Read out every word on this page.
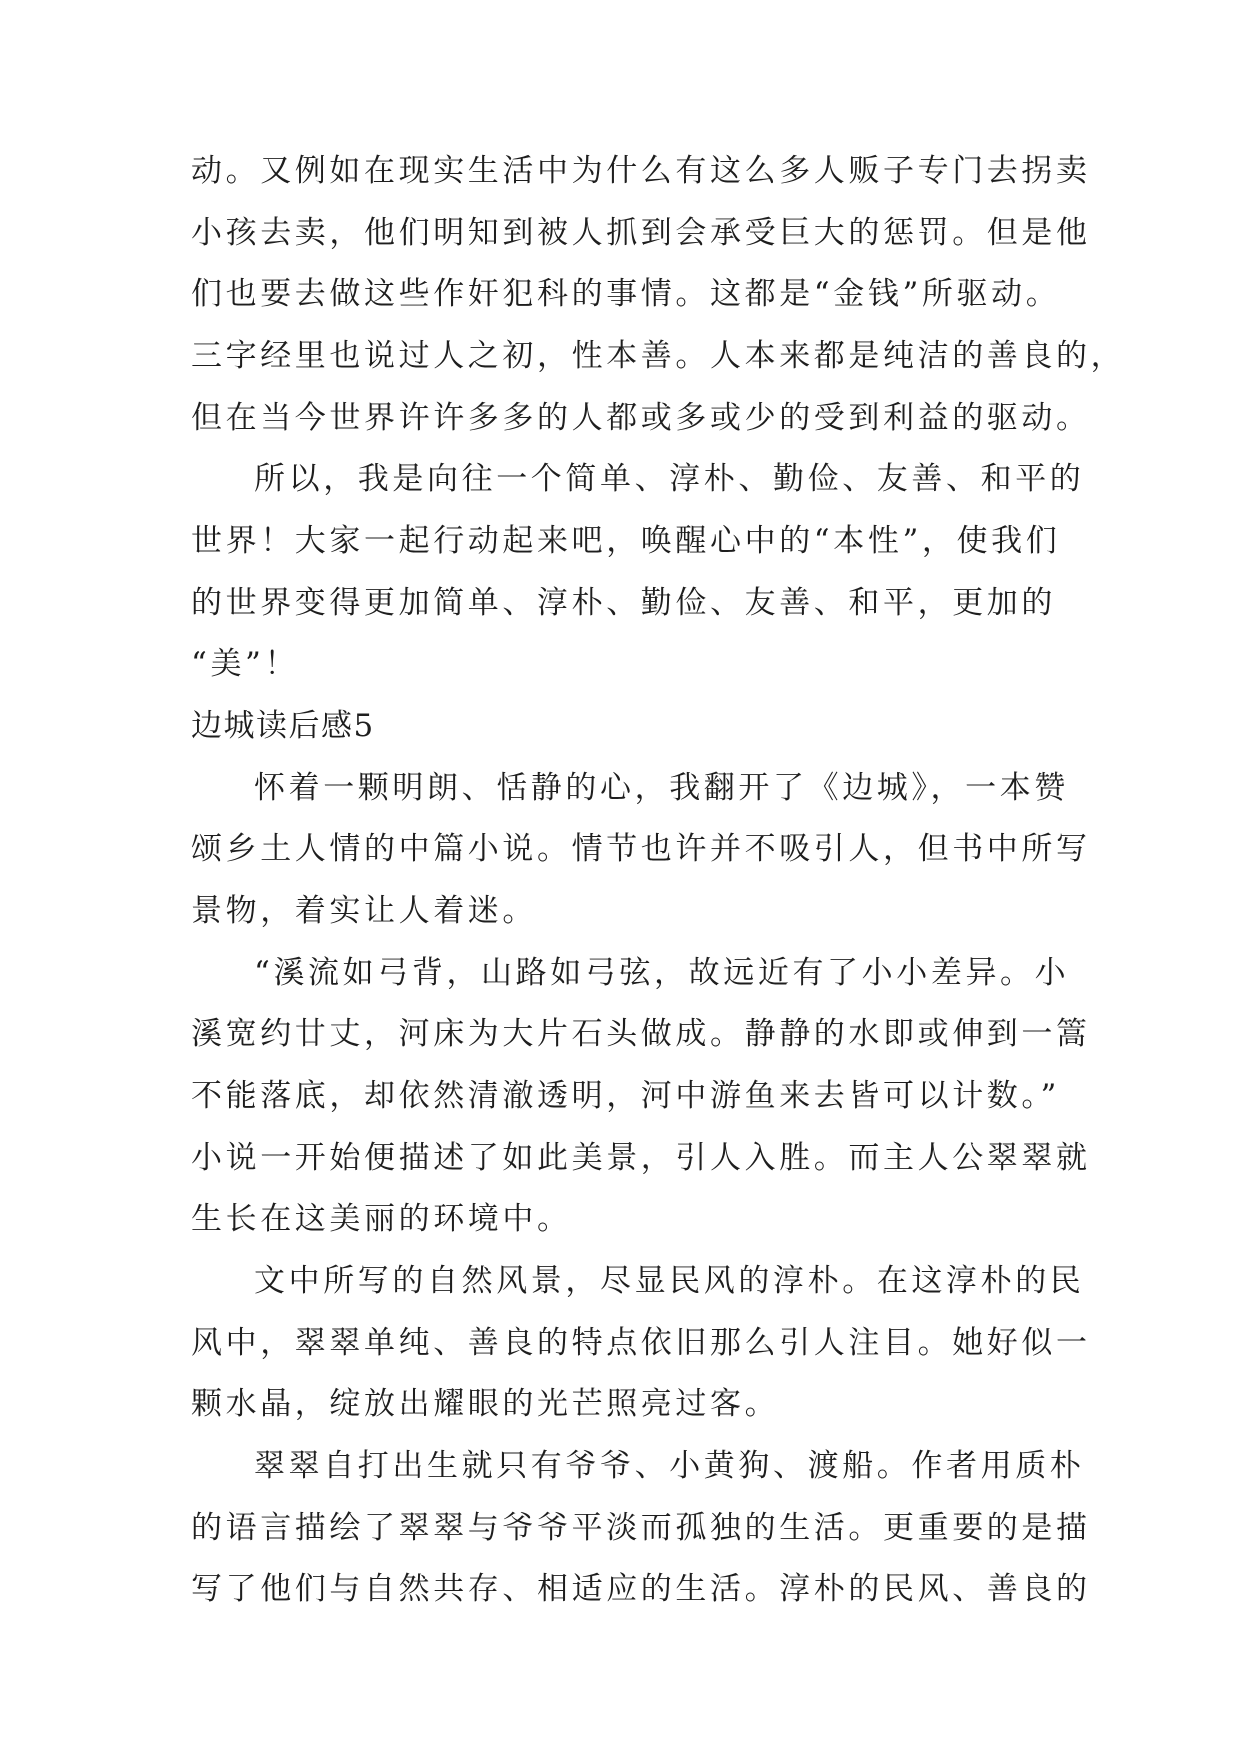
动。又例如在现实生活中为什么有这么多人贩子专门去拐卖
小孩去卖，他们明知到被人抓到会承受巨大的惩罚。但是他
们也要去做这些作奸犯科的事情。这都是“金钱”所驱动。
三字经里也说过人之初，性本善。人本来都是纯洁的善良的，
但在当今世界许许多多的人都或多或少的受到利益的驱动。
所以，我是向往一个简单、淳朴、勤俭、友善、和平的
世界！大家一起行动起来吧，唤醒心中的“本性”，使我们
的世界变得更加简单、淳朴、勤俭、友善、和平，更加的
“美”！
边城读后感5
怀着一颗明朗、恬静的心，我翻开了《边城》，一本赞
颂乡土人情的中篇小说。情节也许并不吸引人，但书中所写
景物，着实让人着迷。
“溪流如弓背，山路如弓弦，故远近有了小小差异。小
溪宽约廿丈，河床为大片石头做成。静静的水即或伸到一篙
不能落底，却依然清澈透明，河中游鱼来去皆可以计数。”
小说一开始便描述了如此美景，引人入胜。而主人公翠翠就
生长在这美丽的环境中。
文中所写的自然风景，尽显民风的淳朴。在这淳朴的民
风中，翠翠单纯、善良的特点依旧那么引人注目。她好似一
颗水晶，绽放出耀眼的光芒照亮过客。
翠翠自打出生就只有爷爷、小黄狗、渡船。作者用质朴
的语言描绘了翠翠与爷爷平淡而孤独的生活。更重要的是描
写了他们与自然共存、相适应的生活。淳朴的民风、善良的
